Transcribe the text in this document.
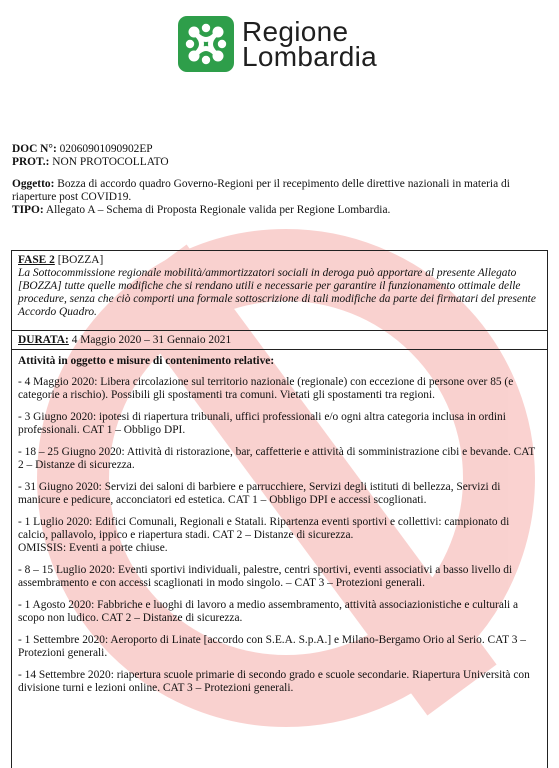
Regione
Lombardia

DOC N°: 02060901090902EP

PROT.: NON PROTOCOLLATO

Oggetto: Bozza di accordo quadro Governo-Regioni per il recepimento delle direttive nazionali in materia di riaperture post COVID19.

TIPO: Allegato A – Schema di Proposta Regionale valida per Regione Lombardia.

FASE 2 [BOZZA]

La Sottocommissione regionale mobilità/ammortizzatori sociali in deroga può apportare al presente Allegato [BOZZA] tutte quelle modifiche che si rendano utili e necessarie per garantire il funzionamento ottimale delle procedure, senza che ciò comporti una formale sottoscrizione di tali modifiche da parte dei firmatari del presente Accordo Quadro.

DURATA: 4 Maggio 2020 – 31 Gennaio 2021

Attività in oggetto e misure di contenimento relative:

- 4 Maggio 2020: Libera circolazione sul territorio nazionale (regionale) con eccezione di persone over 85 (e categorie a rischio). Possibili gli spostamenti tra comuni. Vietati gli spostamenti tra regioni.

- 3 Giugno 2020: ipotesi di riapertura tribunali, uffici professionali e/o ogni altra categoria inclusa in ordini professionali. CAT 1 – Obbligo DPI.

- 18 – 25 Giugno 2020: Attività di ristorazione, bar, caffetterie e attività di somministrazione cibi e bevande. CAT 2 – Distanze di sicurezza.

- 31 Giugno 2020: Servizi dei saloni di barbiere e parrucchiere, Servizi degli istituti di bellezza, Servizi di manicure e pedicure, acconciatori ed estetica. CAT 1 – Obbligo DPI e accessi scoglionati.

- 1 Luglio 2020: Edifici Comunali, Regionali e Statali. Ripartenza eventi sportivi e collettivi: campionato di calcio, pallavolo, ippico e riapertura stadi. CAT 2 – Distanze di sicurezza.

OMISSIS: Eventi a porte chiuse.

- 8 – 15 Luglio 2020: Eventi sportivi individuali, palestre, centri sportivi, eventi associativi a basso livello di assembramento e con accessi scaglionati in modo singolo. – CAT 3 – Protezioni generali.

- 1 Agosto 2020: Fabbriche e luoghi di lavoro a medio assembramento, attività associazionistiche e culturali a scopo non ludico. CAT 2 – Distanze di sicurezza.

- 1 Settembre 2020: Aeroporto di Linate [accordo con S.E.A. S.p.A.] e Milano-Bergamo Orio al Serio. CAT 3 – Protezioni generali.

- 14 Settembre 2020: riapertura scuole primarie di secondo grado e scuole secondarie. Riapertura Università con divisione turni e lezioni online. CAT 3 – Protezioni generali.
